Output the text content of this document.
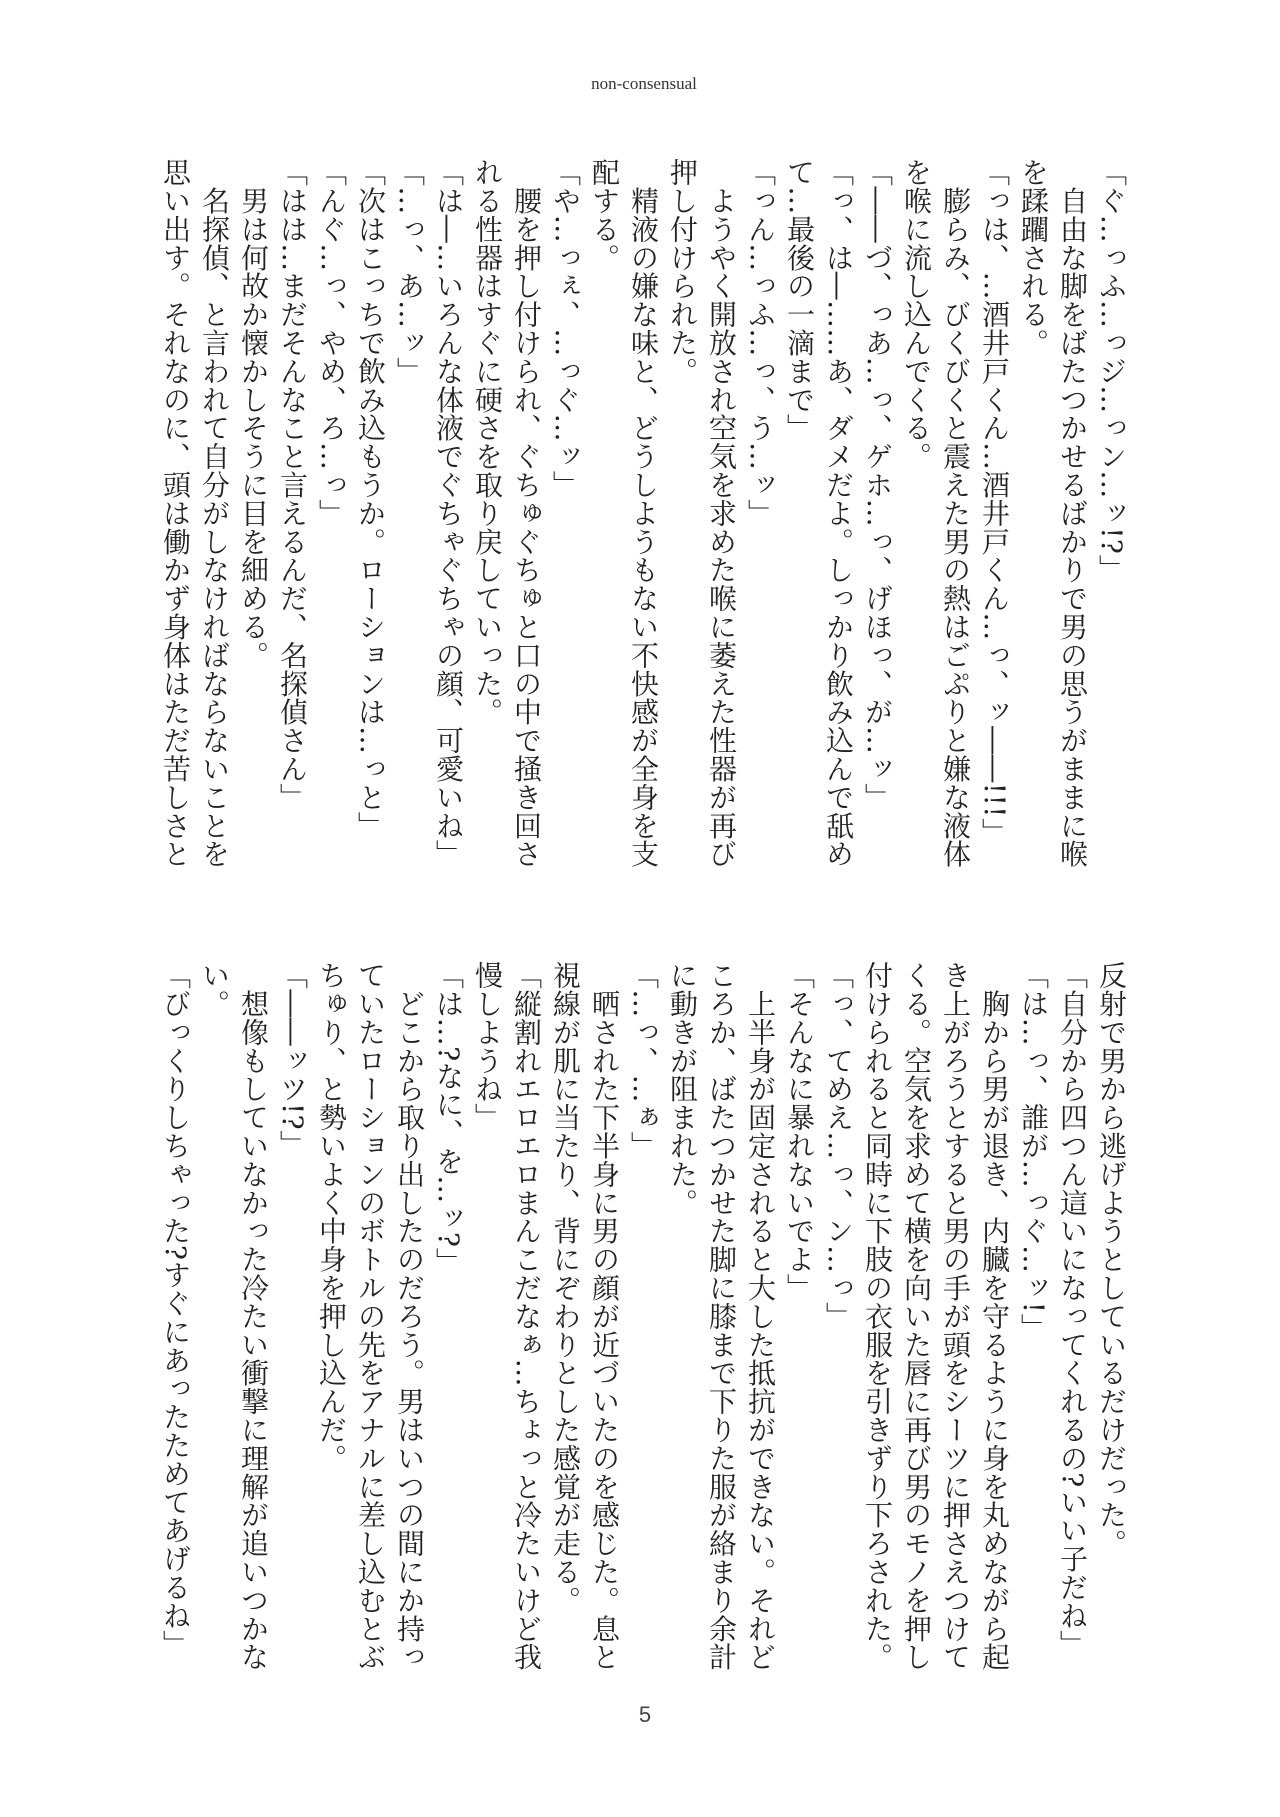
non-consensual
「ぐ…っふ…っジ…っン…ッ!?」
　自由な脚をばたつかせるばかりで男の思うがままに喉
を蹂躙される。
「っは、…酒井戸くん…酒井戸くん…っ、ッ――!!!」
　膨らみ、びくびくと震えた男の熱はごぷりと嫌な液体
を喉に流し込んでくる。
「――づ、っあ…っ、ゲホ…っ、げほっ、が…ッ」
「っ、は―……あ、ダメだよ。しっかり飲み込んで舐め
て…最後の一滴まで」
「っん…っふ…っ、う…ッ」
　ようやく開放され空気を求めた喉に萎えた性器が再び
押し付けられた。
　精液の嫌な味と、どうしようもない不快感が全身を支
配する。
「や…っぇ、…っぐ…ッ」
　腰を押し付けられ、ぐちゅぐちゅと口の中で掻き回さ
れる性器はすぐに硬さを取り戻していった。
「は―…いろんな体液でぐちゃぐちゃの顔、可愛いね」
「…っ、あ…ッ」
「次はこっちで飲み込もうか。ローションは…っと」
「んぐ…っ、やめ、ろ…っ」
「はは…まだそんなこと言えるんだ、名探偵さん」
　男は何故か懐かしそうに目を細める。
　名探偵、と言われて自分がしなければならないことを
思い出す。それなのに、頭は働かず身体はただ苦しさと
反射で男から逃げようとしているだけだった。
「自分から四つん這いになってくれるの?いい子だね」
「は…っ、誰が…っぐ…ッ!」
　胸から男が退き、内臓を守るように身を丸めながら起
き上がろうとすると男の手が頭をシーツに押さえつけて
くる。空気を求めて横を向いた唇に再び男のモノを押し
付けられると同時に下肢の衣服を引きずり下ろされた。
「っ、てめえ…っ、ン…っ」
「そんなに暴れないでよ」
　上半身が固定されると大した抵抗ができない。それど
ころか、ばたつかせた脚に膝まで下りた服が絡まり余計
に動きが阻まれた。
「…っ、…ぁ」
　晒された下半身に男の顔が近づいたのを感じた。息と
視線が肌に当たり、背にぞわりとした感覚が走る。
「縦割れエロエロまんこだなぁ…ちょっと冷たいけど我
慢しようね」
「は…?なに、を…ッ?」
　どこから取り出したのだろう。男はいつの間にか持っ
ていたローションのボトルの先をアナルに差し込むとぶ
ちゅり、と勢いよく中身を押し込んだ。
「――ッツ!?」
　想像もしていなかった冷たい衝撃に理解が追いつかな
い。
「びっくりしちゃった?すぐにあったためてあげるね」
5
